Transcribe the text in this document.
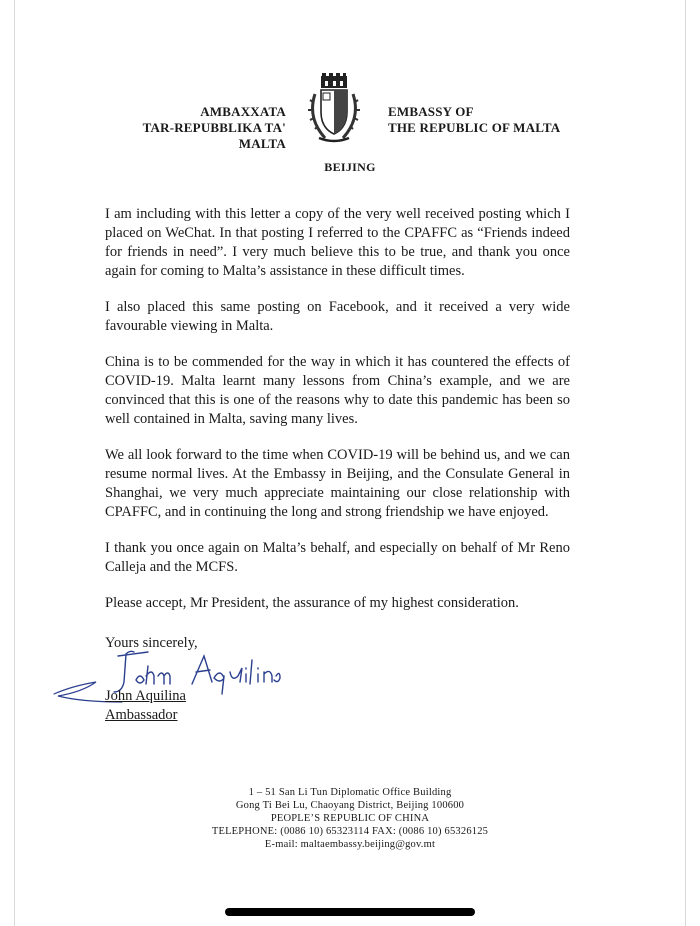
AMBAXXATA
TAR-REPUBBLIKA TA' MALTA
EMBASSY OF
THE REPUBLIC OF MALTA
BEIJING

I am including with this letter a copy of the very well received posting which I placed on WeChat. In that posting I referred to the CPAFFC as “Friends indeed for friends in need”. I very much believe this to be true, and thank you once again for coming to Malta’s assistance in these difficult times.

I also placed this same posting on Facebook, and it received a very wide favourable viewing in Malta.

China is to be commended for the way in which it has countered the effects of COVID-19. Malta learnt many lessons from China’s example, and we are convinced that this is one of the reasons why to date this pandemic has been so well contained in Malta, saving many lives.

We all look forward to the time when COVID-19 will be behind us, and we can resume normal lives. At the Embassy in Beijing, and the Consulate General in Shanghai, we very much appreciate maintaining our close relationship with CPAFFC, and in continuing the long and strong friendship we have enjoyed.

I thank you once again on Malta’s behalf, and especially on behalf of Mr Reno Calleja and the MCFS.

Please accept, Mr President, the assurance of my highest consideration.

Yours sincerely,
John Aquilina
Ambassador
1 – 51 San Li Tun Diplomatic Office Building
Gong Ti Bei Lu, Chaoyang District, Beijing 100600
PEOPLE’S REPUBLIC OF CHINA
TELEPHONE: (0086 10) 65323114 FAX: (0086 10) 65326125
E-mail: maltaembassy.beijing@gov.mt
